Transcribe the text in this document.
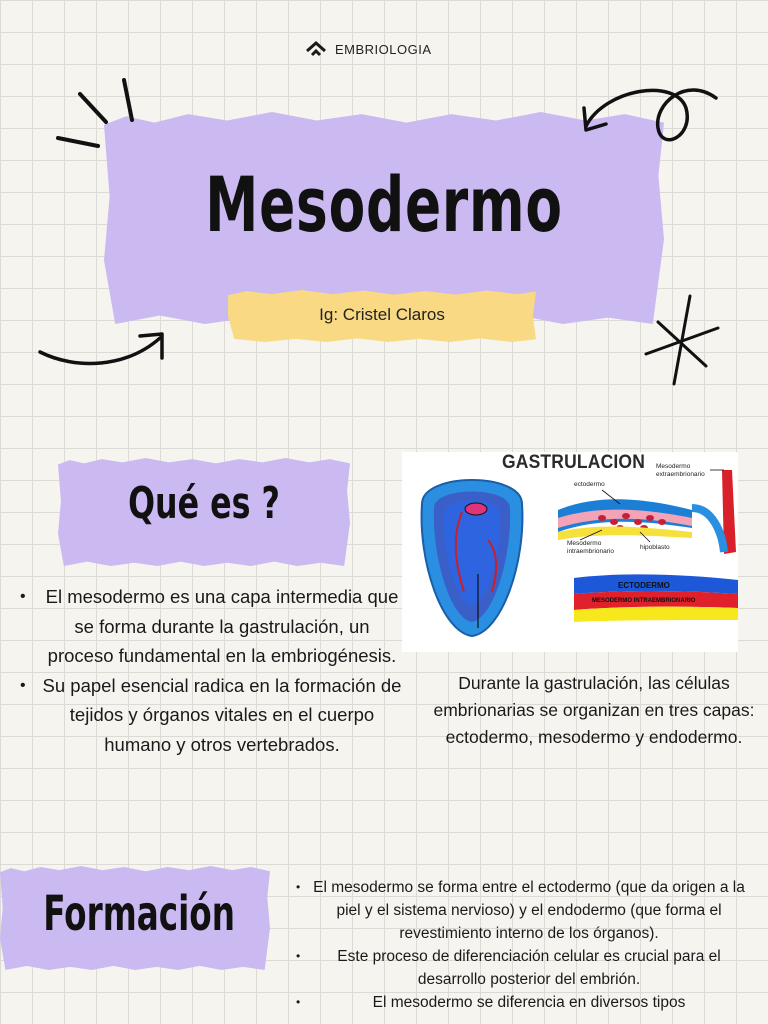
EMBRIOLOGIA
Mesodermo
Ig: Cristel Claros
Qué es ?
• El mesodermo es una capa intermedia que se forma durante la gastrulación, un proceso fundamental en la embriogénesis.
• Su papel esencial radica en la formación de tejidos y órganos vitales en el cuerpo humano y otros vertebrados.
GASTRULACION
ectodermo
Mesodermo
extraembrionario
Mesodermo
intraembrionario
hipoblasto
ECTODERMO
MESODERMO INTRAEMBRIONARIO
Durante la gastrulación, las células embrionarias se organizan en tres capas: ectodermo, mesodermo y endodermo.
Formación
•	El mesodermo se forma entre el ectodermo (que da origen a la piel y el sistema nervioso) y el endodermo (que forma el revestimiento interno de los órganos).
• Este proceso de diferenciación celular es crucial para el desarrollo posterior del embrión.
• El mesodermo se diferencia en diversos tipos
